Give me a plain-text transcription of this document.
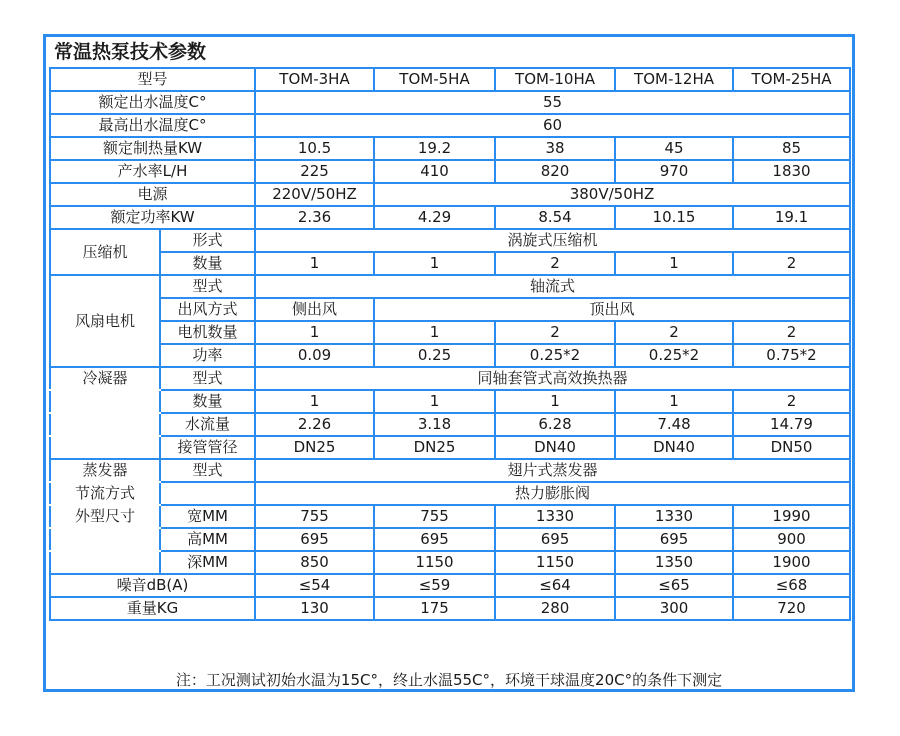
常温热泵技术参数
型号		TOM-3HA	TOM-5HA	TOM-10HA	TOM-12HA	TOM-25HA
额定出水温度C°		55				
最高出水温度C°		60				
额定制热量KW		10.5	19.2	38	45	85
产水率L/H		225	410	820	970	1830
电源		220V/50HZ	380V/50HZ			
额定功率KW		2.36	4.29	8.54	10.15	19.1
压缩机	形式	涡旋式压缩机				
	数量	1	1	2	1	2
风扇电机	型式	轴流式				
	出风方式	侧出风	顶出风			
	电机数量	1	1	2	2	2
	功率	0.09	0.25	0.25*2	0.25*2	0.75*2
冷凝器	型式	同轴套管式高效换热器				
	数量	1	1	1	1	2
	水流量	2.26	3.18	6.28	7.48	14.79
	接管管径	DN25	DN25	DN40	DN40	DN50
蒸发器	型式	翅片式蒸发器				
节流方式		热力膨胀阀				
外型尺寸	宽MM	755	755	1330	1330	1990
	高MM	695	695	695	695	900
	深MM	850	1150	1150	1350	1900
噪音dB(A)		≤54	≤59	≤64	≤65	≤68
重量KG		130	175	280	300	720
注：工况测试初始水温为15C°，终止水温55C°，环境干球温度20C°的条件下测定
